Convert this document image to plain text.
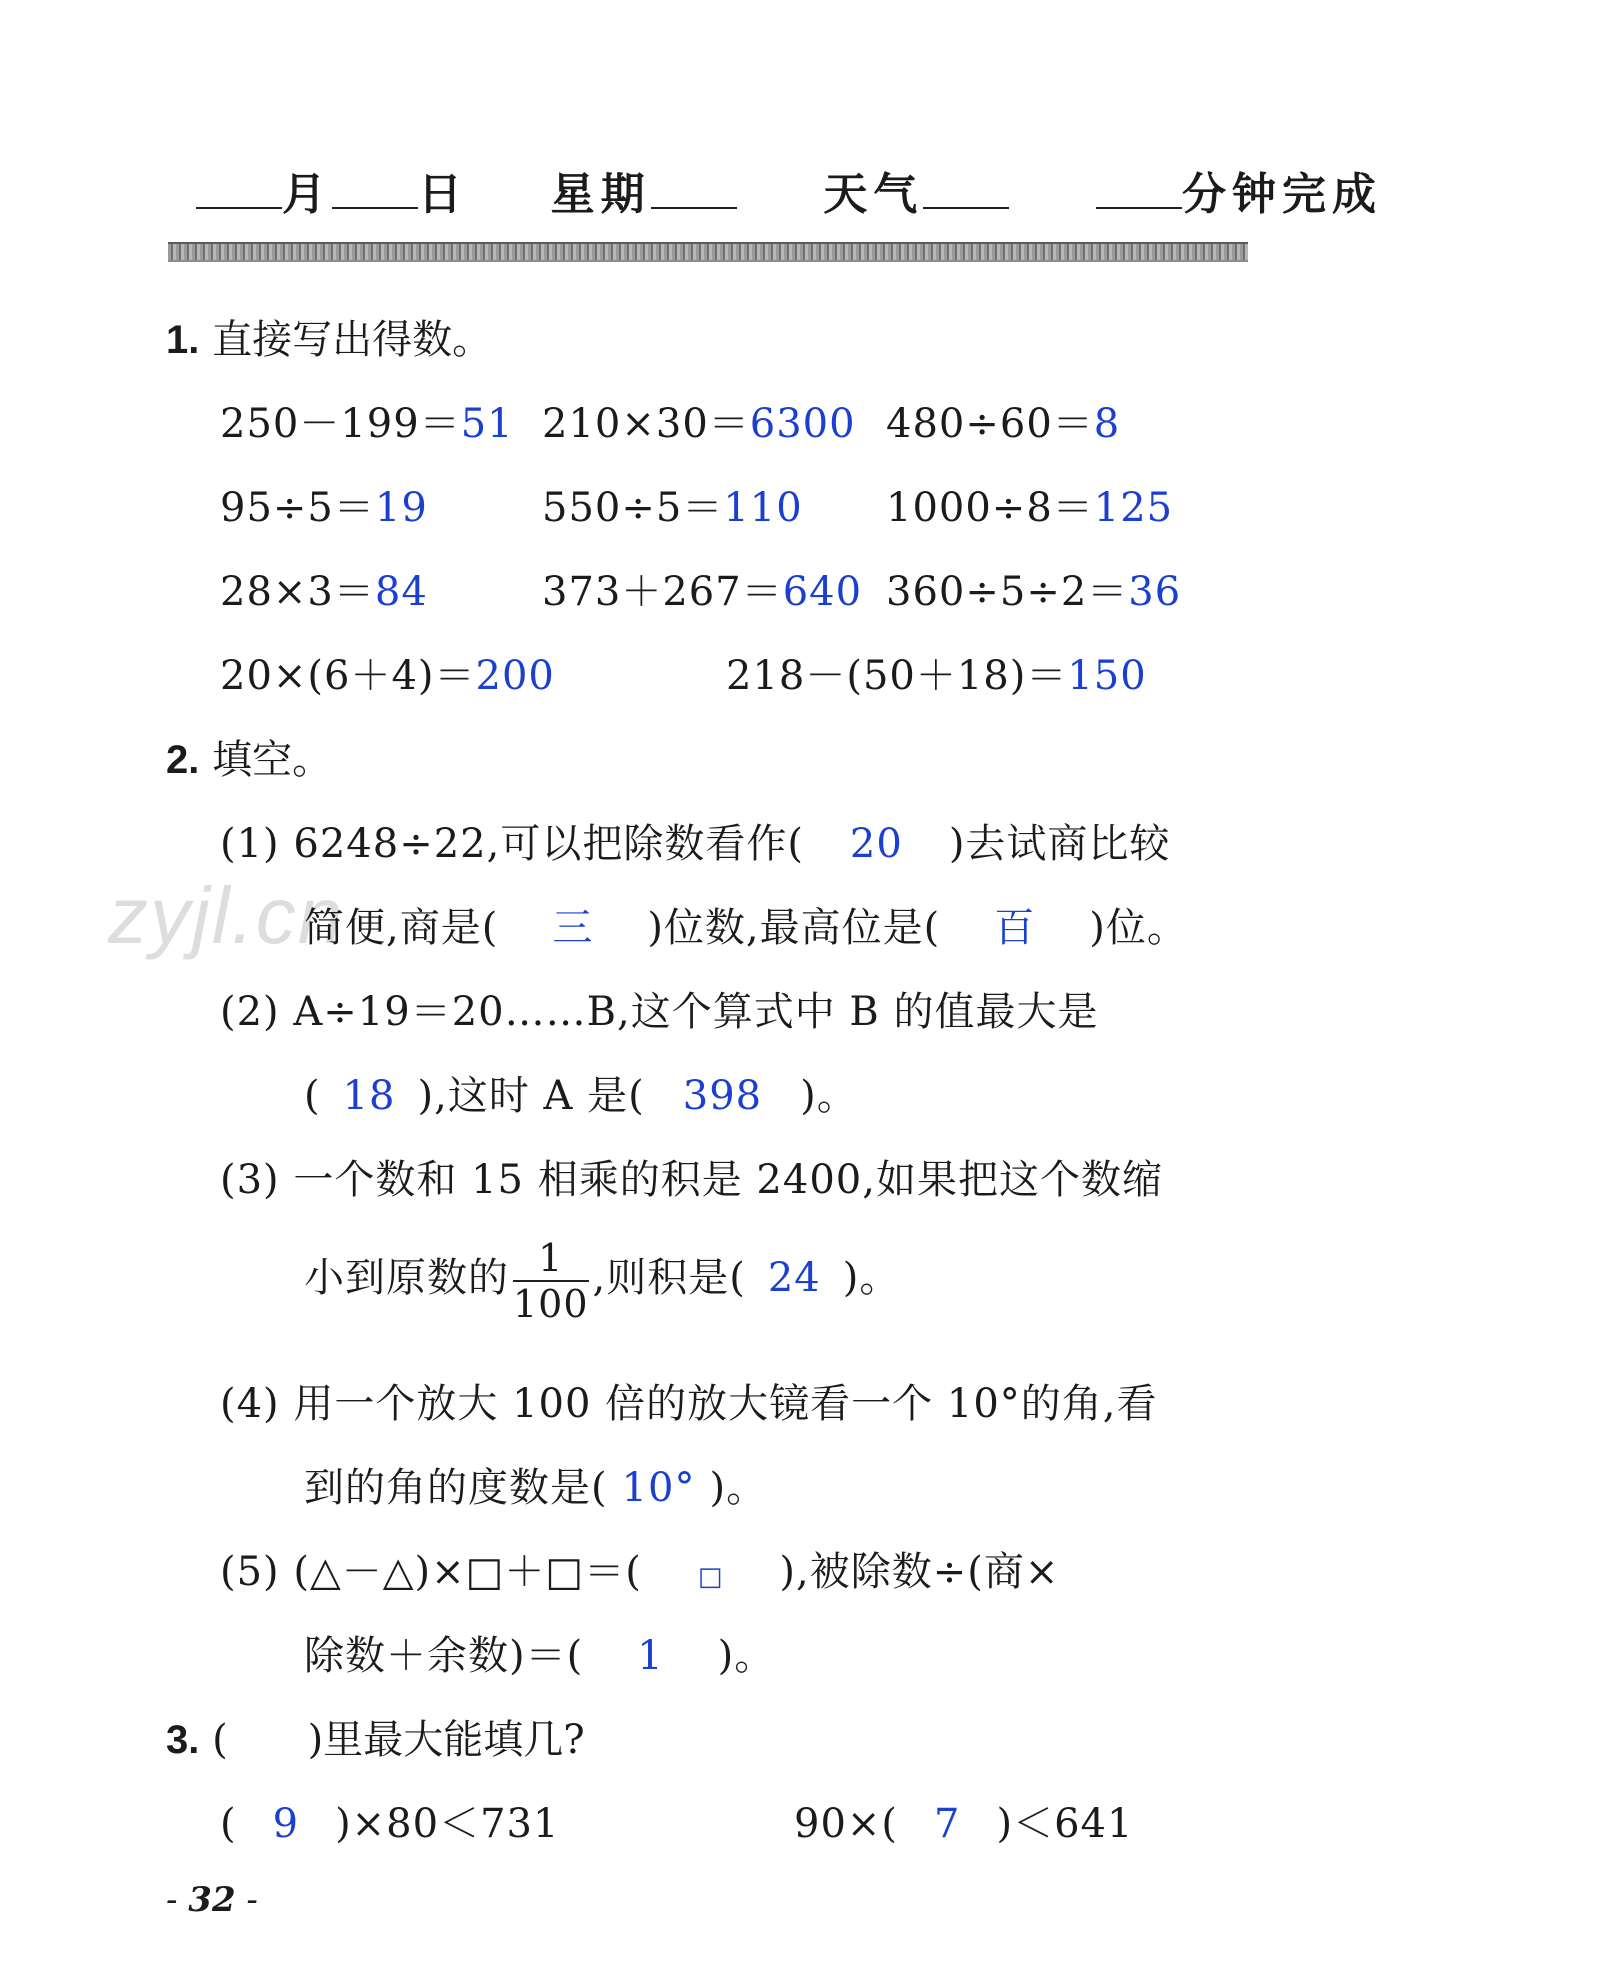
月 日 星期	天气	分钟完成
zyjl.cn
1. 直接写出得数。
250－199＝51 210×30＝6300 480÷60＝8
95÷5＝19	550÷5＝110 1000÷8＝125
28×3＝84	373＋267＝640 360÷5÷2＝36
20×(6＋4)＝200	218－(50＋18)＝150
2. 填空。
(1) 6248÷22,可以把除数看作( 20 )去试商比较
简便,商是( 三 )位数,最高位是( 百 )位。
(2) A÷19＝20……B,这个算式中 B 的值最大是
( 18 ),这时 A 是( 398 )。
(3) 一个数和 15 相乘的积是 2400,如果把这个数缩
小到原数的 $\frac{1}{100}$ ,则积是( 24 )。
(4) 用一个放大 100 倍的放大镜看一个 10°的角,看
到的角的度数是( 10° )。
(5) (△－△)×□＋□＝( □ ),被除数÷(商×
除数＋余数)＝( 1 )。
3. (　　)里最大能填几?
( 9 )×80＜731	90×( 7 )＜641
- 32 -
